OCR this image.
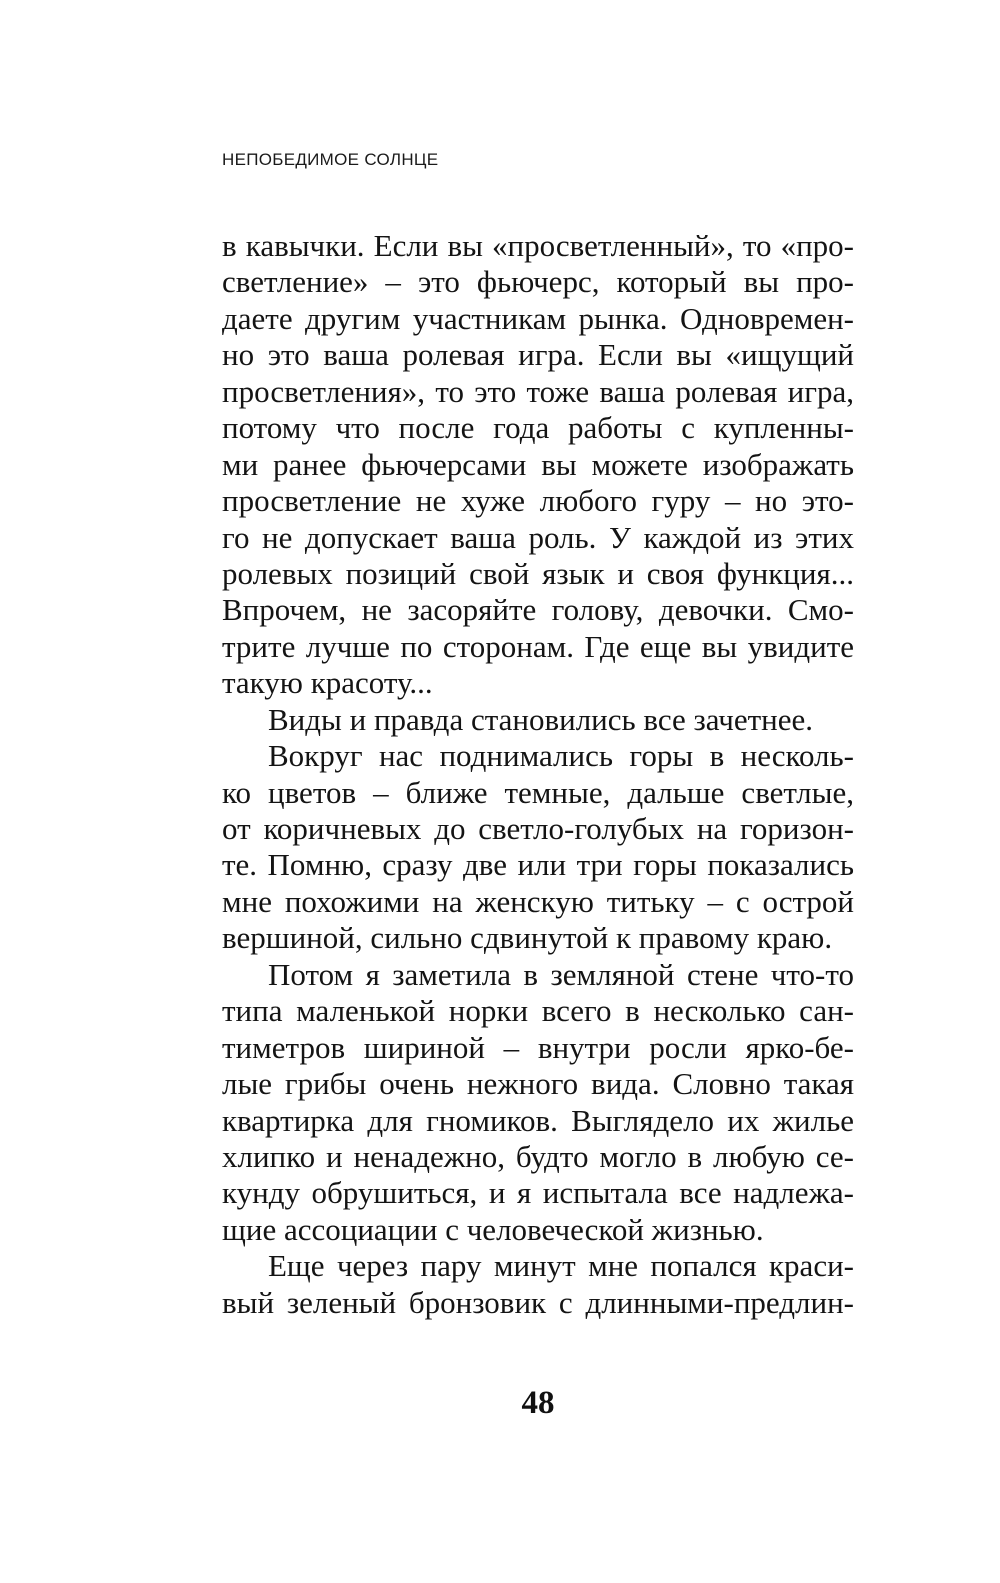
НЕПОБЕДИМОЕ СОЛНЦЕ
в кавычки. Если вы «просветленный», то «про-
светление» – это фьючерс, который вы про-
даете другим участникам рынка. Одновремен-
но это ваша ролевая игра. Если вы «ищущий
просветления», то это тоже ваша ролевая игра,
потому что после года работы с купленны-
ми ранее фьючерсами вы можете изображать
просветление не хуже любого гуру – но это-
го не допускает ваша роль. У каждой из этих
ролевых позиций свой язык и своя функция...
Впрочем, не засоряйте голову, девочки. Смо-
трите лучше по сторонам. Где еще вы увидите
такую красоту...
Виды и правда становились все зачетнее.
Вокруг нас поднимались горы в несколь-
ко цветов – ближе темные, дальше светлые,
от коричневых до светло-голубых на горизон-
те. Помню, сразу две или три горы показались
мне похожими на женскую титьку – с острой
вершиной, сильно сдвинутой к правому краю.
Потом я заметила в земляной стене что-то
типа маленькой норки всего в несколько сан-
тиметров шириной – внутри росли ярко-бе-
лые грибы очень нежного вида. Словно такая
квартирка для гномиков. Выглядело их жилье
хлипко и ненадежно, будто могло в любую се-
кунду обрушиться, и я испытала все надлежа-
щие ассоциации с человеческой жизнью.
Еще через пару минут мне попался краси-
вый зеленый бронзовик с длинными-предлин-
48
